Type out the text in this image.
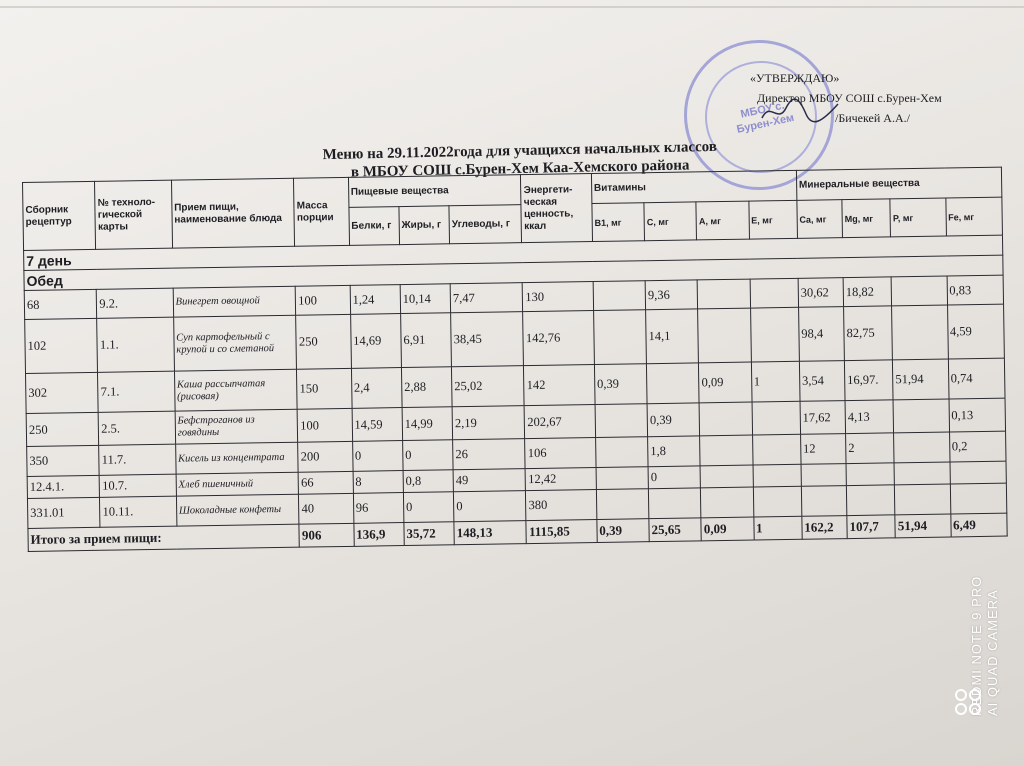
МБОУ с. Бурен-Хем
«УТВЕРЖДАЮ»
Директор МБОУ СОШ с.Бурен-Хем
/Бичекей А.А./
Меню на 29.11.2022года для учащихся начальных классов
в МБОУ СОШ с.Бурен-Хем Каа-Хемского района
Сборник рецептур	№ техноло-гической карты	Прием пищи, наименование блюда	Масса порции	Пищевые вещества			Энергети-ческая ценность, ккал	Витамины				Минеральные вещества			
				Белки, г	Жиры, г	Углеводы, г		В1, мг	С, мг	А, мг	Е, мг	Ca, мг	Mg, мг	P, мг	Fe, мг
7 день															
Обед															
68	9.2.	Винегрет овощной	100	1,24	10,14	7,47	130		9,36			30,62	18,82		0,83
102	1.1.	Суп картофельный с крупой и со сметаной	250	14,69	6,91	38,45	142,76		14,1			98,4	82,75		4,59
302	7.1.	Каша рассыпчатая (рисовая)	150	2,4	2,88	25,02	142	0,39		0,09	1	3,54	16,97.	51,94	0,74
250	2.5.	Бефстроганов из говядины	100	14,59	14,99	2,19	202,67		0,39			17,62	4,13		0,13
350	11.7.	Кисель из концентрата	200	0	0	26	106		1,8			12	2		0,2
12.4.1.	10.7.	Хлеб пшеничный	66	8	0,8	49	12,42		0						
331.01	10.11.	Шоколадные конфеты	40	96	0	0	380								
Итого за прием пищи:			906	136,9	35,72	148,13	1115,85	0,39	25,65	0,09	1	162,2	107,7	51,94	6,49
REDMI NOTE 9 PRO AI QUAD CAMERA
